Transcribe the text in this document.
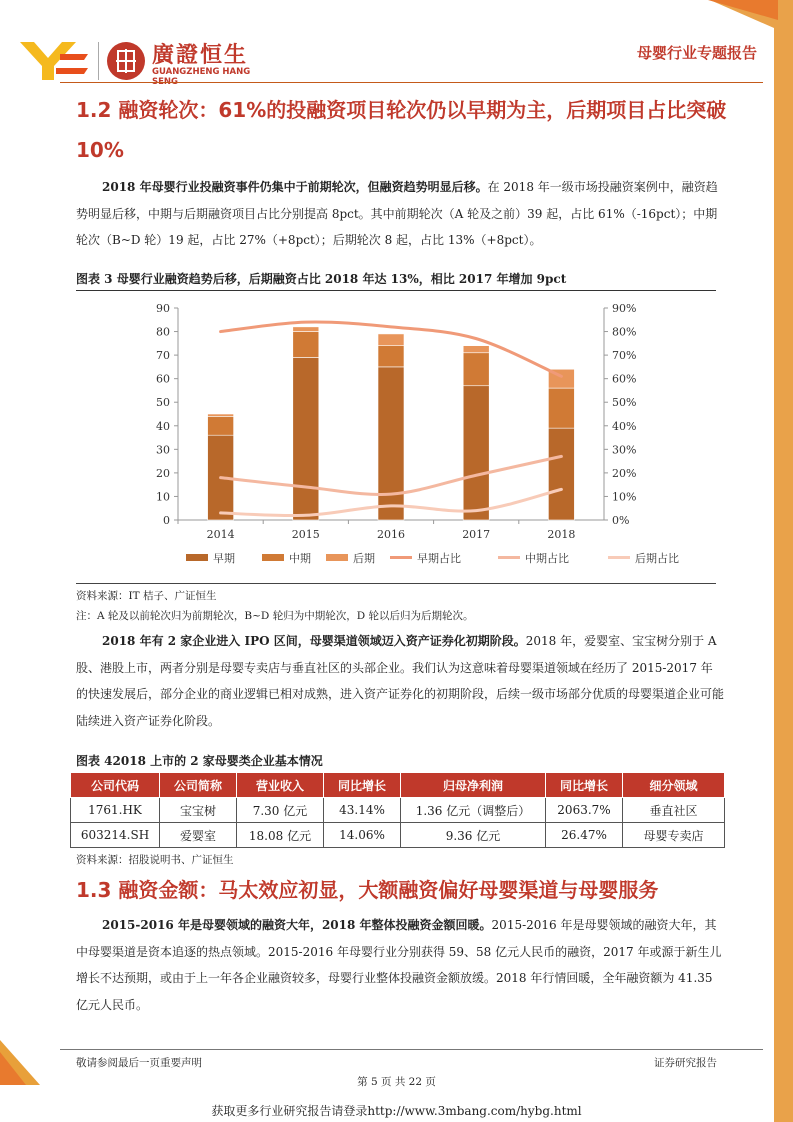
廣證恒生
GUANGZHENG HANG SENG
母婴行业专题报告
1.2 融资轮次：61%的投融资项目轮次仍以早期为主，后期项目占比突破 10%
2018 年母婴行业投融资事件仍集中于前期轮次，但融资趋势明显后移。在 2018 年一级市场投融资案例中，融资趋势明显后移，中期与后期融资项目占比分别提高 8pct。其中前期轮次（A 轮及之前）39 起，占比 61%（-16pct）；中期轮次（B~D 轮）19 起，占比 27%（+8pct）；后期轮次 8 起，占比 13%（+8pct）。
图表 3 母婴行业融资趋势后移，后期融资占比 2018 年达 13%，相比 2017 年增加 9pct
0	0%
10	10%
20	20%
30	30%
40	40%
50	50%
60	60%
70	70%
80	80%
90	90%
2014	2015	2016	2017	2018
早期	中期	后期	早期占比	中期占比	后期占比
资料来源：IT 桔子、广证恒生
注：A 轮及以前轮次归为前期轮次，B~D 轮归为中期轮次，D 轮以后归为后期轮次。
2018 年有 2 家企业进入 IPO 区间，母婴渠道领域迈入资产证券化初期阶段。2018 年，爱婴室、宝宝树分别于 A 股、港股上市，两者分别是母婴专卖店与垂直社区的头部企业。我们认为这意味着母婴渠道领域在经历了 2015-2017 年的快速发展后，部分企业的商业逻辑已相对成熟，进入资产证券化的初期阶段，后续一级市场部分优质的母婴渠道企业可能陆续进入资产证券化阶段。
图表 42018 上市的 2 家母婴类企业基本情况
公司代码	公司简称	营业收入	同比增长	归母净利润	同比增长	细分领域
1761.HK	宝宝树	7.30 亿元	43.14%	1.36 亿元（调整后）	2063.7%	垂直社区
603214.SH	爱婴室	18.08 亿元	14.06%	9.36 亿元	26.47%	母婴专卖店
资料来源：招股说明书、广证恒生
1.3 融资金额：马太效应初显，大额融资偏好母婴渠道与母婴服务
2015-2016 年是母婴领域的融资大年，2018 年整体投融资金额回暖。2015-2016 年是母婴领域的融资大年，其中母婴渠道是资本追逐的热点领域。2015-2016 年母婴行业分别获得 59、58 亿元人民币的融资，2017 年或源于新生儿增长不达预期，或由于上一年各企业融资较多，母婴行业整体投融资金额放缓。2018 年行情回暖，全年融资额为 41.35 亿元人民币。
敬请参阅最后一页重要声明	证券研究报告
第 5 页 共 22 页
获取更多行业研究报告请登录http://www.3mbang.com/hybg.html
